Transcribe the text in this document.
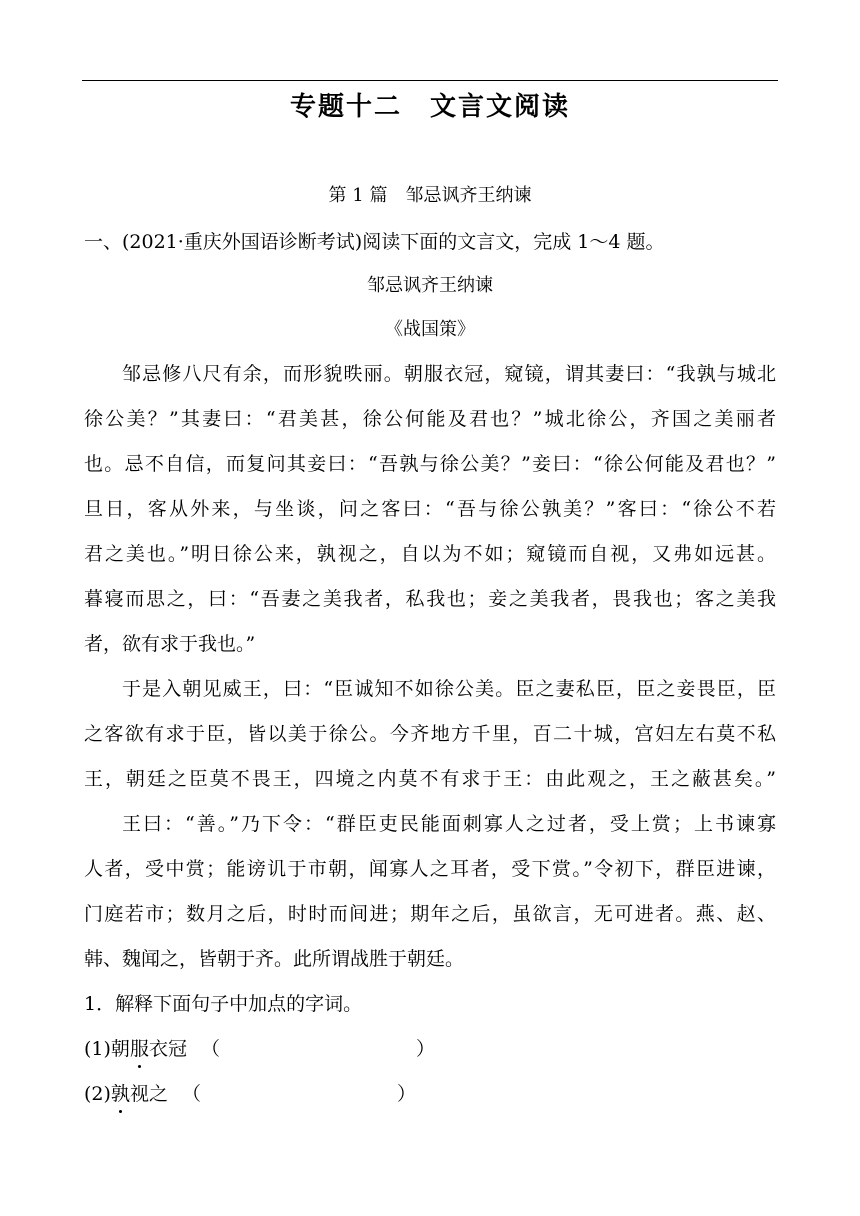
专题十二　文言文阅读
第 1 篇　邹忌讽齐王纳谏
一、(2021·重庆外国语诊断考试)阅读下面的文言文，完成 1～4 题。
邹忌讽齐王纳谏
《战国策》
邹忌修八尺有余，而形貌昳丽。朝服衣冠，窥镜，谓其妻曰：“我孰与城北
徐公美？”其妻曰：“君美甚，徐公何能及君也？”城北徐公，齐国之美丽者
也。忌不自信，而复问其妾曰：“吾孰与徐公美？”妾曰：“徐公何能及君也？”
旦日，客从外来，与坐谈，问之客曰：“吾与徐公孰美？”客曰：“徐公不若
君之美也。”明日徐公来，孰视之，自以为不如；窥镜而自视，又弗如远甚。
暮寝而思之，曰：“吾妻之美我者，私我也；妾之美我者，畏我也；客之美我
者，欲有求于我也。”
于是入朝见威王，曰：“臣诚知不如徐公美。臣之妻私臣，臣之妾畏臣，臣
之客欲有求于臣，皆以美于徐公。今齐地方千里，百二十城，宫妇左右莫不私
王，朝廷之臣莫不畏王，四境之内莫不有求于王：由此观之，王之蔽甚矣。”
王曰：“善。”乃下令：“群臣吏民能面刺寡人之过者，受上赏；上书谏寡
人者，受中赏；能谤讥于市朝，闻寡人之耳者，受下赏。”令初下，群臣进谏，
门庭若市；数月之后，时时而间进；期年之后，虽欲言，无可进者。燕、赵、
韩、魏闻之，皆朝于齐。此所谓战胜于朝廷。
1．解释下面句子中加点的字词。
(1)朝服衣冠 （	）
(2)孰视之 （	）
